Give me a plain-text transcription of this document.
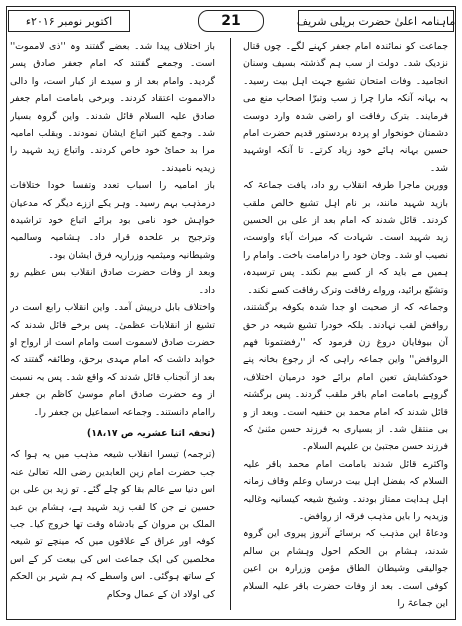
ماہنامہ اعلیٰ حضرت بریلی شریف
21
اکتوبر نومبر ۲۰۱۶ء

جماعت کو نمائندہ امام جعفر کہنے لگے۔ چوں قتال نزدیک شد۔ دولت از سب ہم گذشتہ بسیف وسنان انجامید۔ وفات امتحان تشیع جہت اہل بیت رسید۔ بہ بہانہ آنکہ مارا چرا ز سب وتبرّا اصحاب منع می فرمایند۔ بترک رفاقت او راضی شدہ وارد دوست دشمنان خونخوار او پردہ بردستور قدیم حضرت امام حسین بہانہ ہائے خود زیاد کرتے۔ تا آنکہ اوشہید شد۔

وورین ماجرا طرفہ انقلاب رو داد، یافت جماعۃ کہ بازید شہید مانند، بر نام اہل تشیع خالص ملقب کردند۔ قائل شدند کہ امام بعد از علی بن الحسین زید شہید است۔ شہادت کہ میراث آباء واوست، نصیب او شد۔ وجان خود را درامامت باخت۔ وامام را ہمیں مے باید کہ از کسے بیم نکند۔ پس ترسیدہ، وتشیّع برائید، ورواے رفاقت وترک رفاقت کسے نکند۔

وجماعہ کہ از صحبت او جدا شدہ بکوفہ برگشتند، روافض لقب نہادند۔ بلکہ خودرا تشیع شیعہ در حق آن بیوفایان دروغ زن فرمود کہ ''رفضتمونا فھم الروافض'' واین جماعہ راہی کہ از رجوع بخانہ پنے خودکشایش تعین امام برائے خود درمیان اختلاف، گروہے بامامت امام باقر ملقب گردند۔ پس برگشتہ قائل شدند کہ امام محمد بن حنفیہ است۔ وبعد از و بی منتقل شد۔ از بسیاری بہ فرزند حسن مثنیٰ کہ فرزند حسن مجتبیٰ بن علیہم السلام۔

واکثرے قائل شدند بامامت امام محمد باقر علیہ السلام کہ بفضل اہل بیت درساں وعلم وقاف زمانہ اہل ہدایت ممتاز بودند۔ وشیخ شیعہ کیسانیہ وغالبہ وزیدیہ را بایں مذہب فرقہ از روافض۔

ودعاۃ این مذہب کہ برسائے آنروز پیروی این گروہ شدند، ہشام بن الحکم احول وہشام بن سالم جوالیقی وشیطان الطاق مؤمن وزرارہ بن اعین کوفی است۔ بعد از وفات حضرت باقر علیہ السلام این جماعۃ را

باز اختلاف پیدا شد۔ بعضے گفتند وہ ''ذی لامموت'' است۔ وجمعے گفتند کہ امام جعفر صادق پسر گردید۔ وامام بعد از و سیدے از کبار است، وا دالی دالامموت اعتقاد کردند۔ وبرخی بامامت امام جعفر صادق علیہ السلام قائل شدند۔ واین گروہ بسیار شد۔ وجمع کثیر اتباع ایشان نمودند۔ وبقلب امامیہ مرا بد حمائ خود خاص کردند۔ واتباع زید شہید را زیدیہ نامیدند۔

باز امامیہ را اسباب تعدد وتفسا خودا ختلافات درمذہب بہم رسید۔ وہر یکے اززے دیگر کہ مدعیان خواہش خود نامی بود برائے اتباع خود تراشیدہ وترجیح بر علحدہ قرار داد۔ ہشامیہ وسالمیہ وشیطانیہ ومیثمیہ وزراریہ فرق ایشان بود۔

وبعد از وفات حضرت صادق انقلاب بس عظیم رو داد۔

واختلاف بابل درپیش آمد۔ واین انقلاب رابع است در تشیع از انقلابات عظمیٰ۔ پس برخے قائل شدند کہ حضرت صادق لاسموت است وامام است از ارواح او خوابد داشت کہ امام مہدی برحق، وطائفہ گفتند کہ بعد از آنجناب قائل شدند کہ واقع شد۔ پس بہ نسبت از وے حضرت صادق امام موسیٰ کاظم بن جعفر راامام دانستند۔ وجماعہ اسماعیل بن جعفر را۔

(تحفہ اثنا عشریہ ص ۱۸،۱۷)

(ترجمہ) تیسرا انقلاب شیعہ مذہب میں یہ ہوا کہ جب حضرت امام زین العابدین رضی اللہ تعالیٰ عنہ اس دنیا سے عالم بقا کو چلے گئے۔ تو زید بن علی بن حسین نے جن کا لقب زید شہید ہے، ہشام بن عبد الملک بن مروان کے بادشاہ وقت تھا خروج کیا۔ جب کوفہ اور عراق کے علاقوں میں کہ مینچے تو شیعہ مخلصین کی ایک جماعت اس کی بیعت کر کے اس کے ساتھ ہوگئی۔ اس واسطے کہ ہم شہر بن الحکم کی اولاد ان کے عمال وحکام
